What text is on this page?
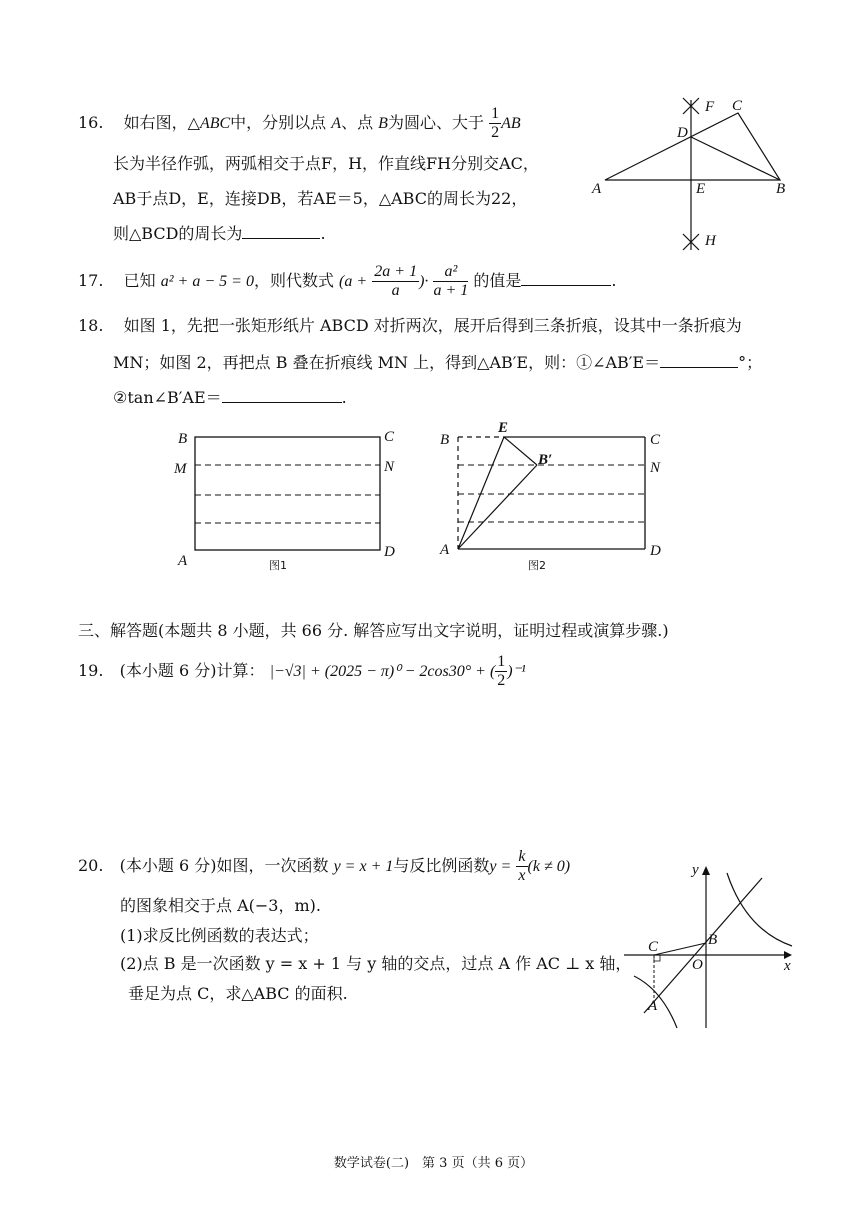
16. 如右图，△ABC中，分别以点 A、点 B为圆心、大于 $\frac{1}{2}$ AB
长为半径作弧，两弧相交于点F，H，作直线FH分别交AC，
AB于点D，E，连接DB，若AE＝5，△ABC的周长为22，
则△BCD的周长为	.
F C
D
A	E	B
H
17. 已知 a² + a − 5 = 0，则代数式 ($a + \frac{2a + 1}{a}$ )· $\frac{\text{a²}}{a + 1}$ 的值是	.
18. 如图 1，先把一张矩形纸片 ABCD 对折两次，展开后得到三条折痕，设其中一条折痕为
MN；如图 2，再把点 B 叠在折痕线 MN 上，得到△AB′E，则：①∠AB′E＝	°；
②tan∠B′AE＝	.
B	C
M	N
A
D
图1
B
E
B′
C
N
A	D
图2
三、解答题(本题共 8 小题，共 66 分. 解答应写出文字说明，证明过程或演算步骤.)
19. (本小题 6 分)计算： |−√3| + (2025 − π)⁰ − 2cos30° + ( $\frac{1}{2} )^{-1}$
20. (本小题 6 分)如图，一次函数 y = x + 1与反比例函数$y = \frac{k}{x} (k \ne 0)$
的图象相交于点 A(−3，m).
(1)求反比例函数的表达式；
(2)点 B 是一次函数 y = x + 1 与 y 轴的交点，过点 A 作 AC ⊥ x 轴，
垂足为点 C，求△ABC 的面积.
y
x
C	B
O
A
数学试卷(二)　第 3 页（共 6 页）
